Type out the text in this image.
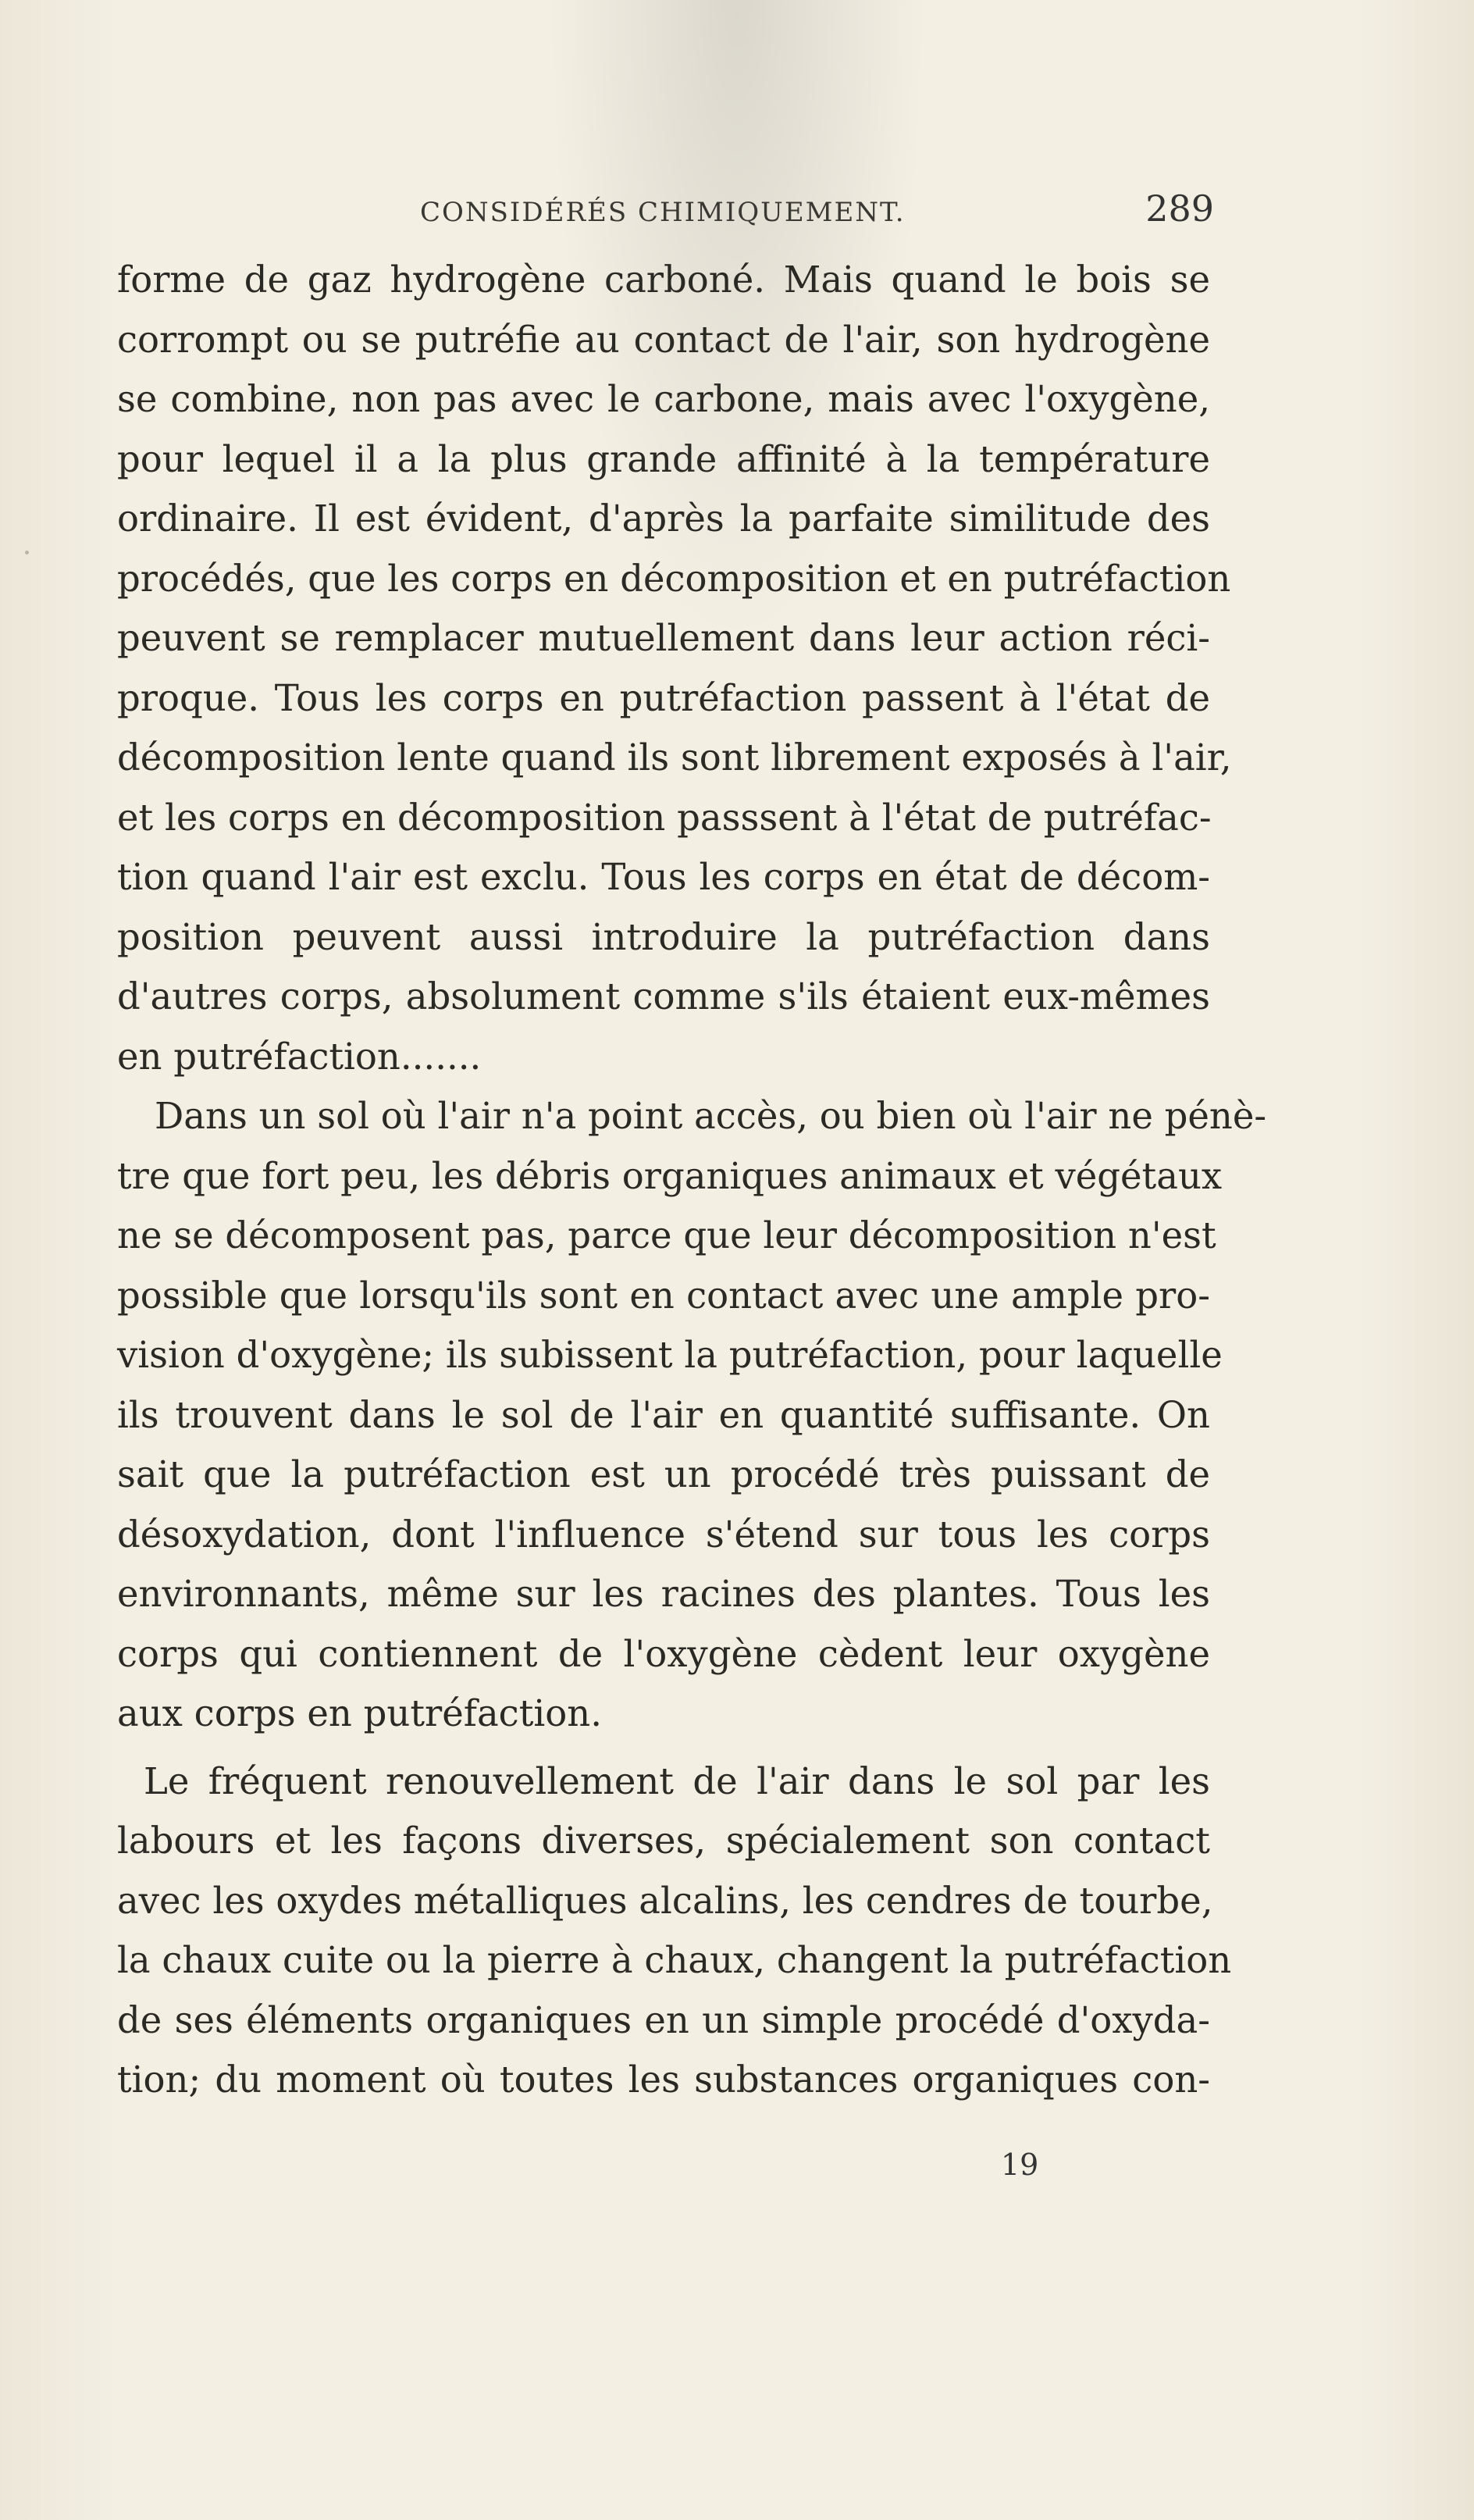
CONSIDÉRÉS CHIMIQUEMENT.	289
forme de gaz hydrogène carboné. Mais quand le bois se
corrompt ou se putréfie au contact de l'air, son hydrogène
se combine, non pas avec le carbone, mais avec l'oxygène,
pour lequel il a la plus grande affinité à la température
ordinaire. Il est évident, d'après la parfaite similitude des
procédés, que les corps en décomposition et en putréfaction
peuvent se remplacer mutuellement dans leur action réci-
proque. Tous les corps en putréfaction passent à l'état de
décomposition lente quand ils sont librement exposés à l'air,
et les corps en décomposition passsent à l'état de putréfac-
tion quand l'air est exclu. Tous les corps en état de décom-
position peuvent aussi introduire la putréfaction dans
d'autres corps, absolument comme s'ils étaient eux-mêmes
en putréfaction.......
Dans un sol où l'air n'a point accès, ou bien où l'air ne pénè-
tre que fort peu, les débris organiques animaux et végétaux
ne se décomposent pas, parce que leur décomposition n'est
possible que lorsqu'ils sont en contact avec une ample pro-
vision d'oxygène; ils subissent la putréfaction, pour laquelle
ils trouvent dans le sol de l'air en quantité suffisante. On
sait que la putréfaction est un procédé très puissant de
désoxydation, dont l'influence s'étend sur tous les corps
environnants, même sur les racines des plantes. Tous les
corps qui contiennent de l'oxygène cèdent leur oxygène
aux corps en putréfaction.
Le fréquent renouvellement de l'air dans le sol par les
labours et les façons diverses, spécialement son contact
avec les oxydes métalliques alcalins, les cendres de tourbe,
la chaux cuite ou la pierre à chaux, changent la putréfaction
de ses éléments organiques en un simple procédé d'oxyda-
tion; du moment où toutes les substances organiques con-
19
